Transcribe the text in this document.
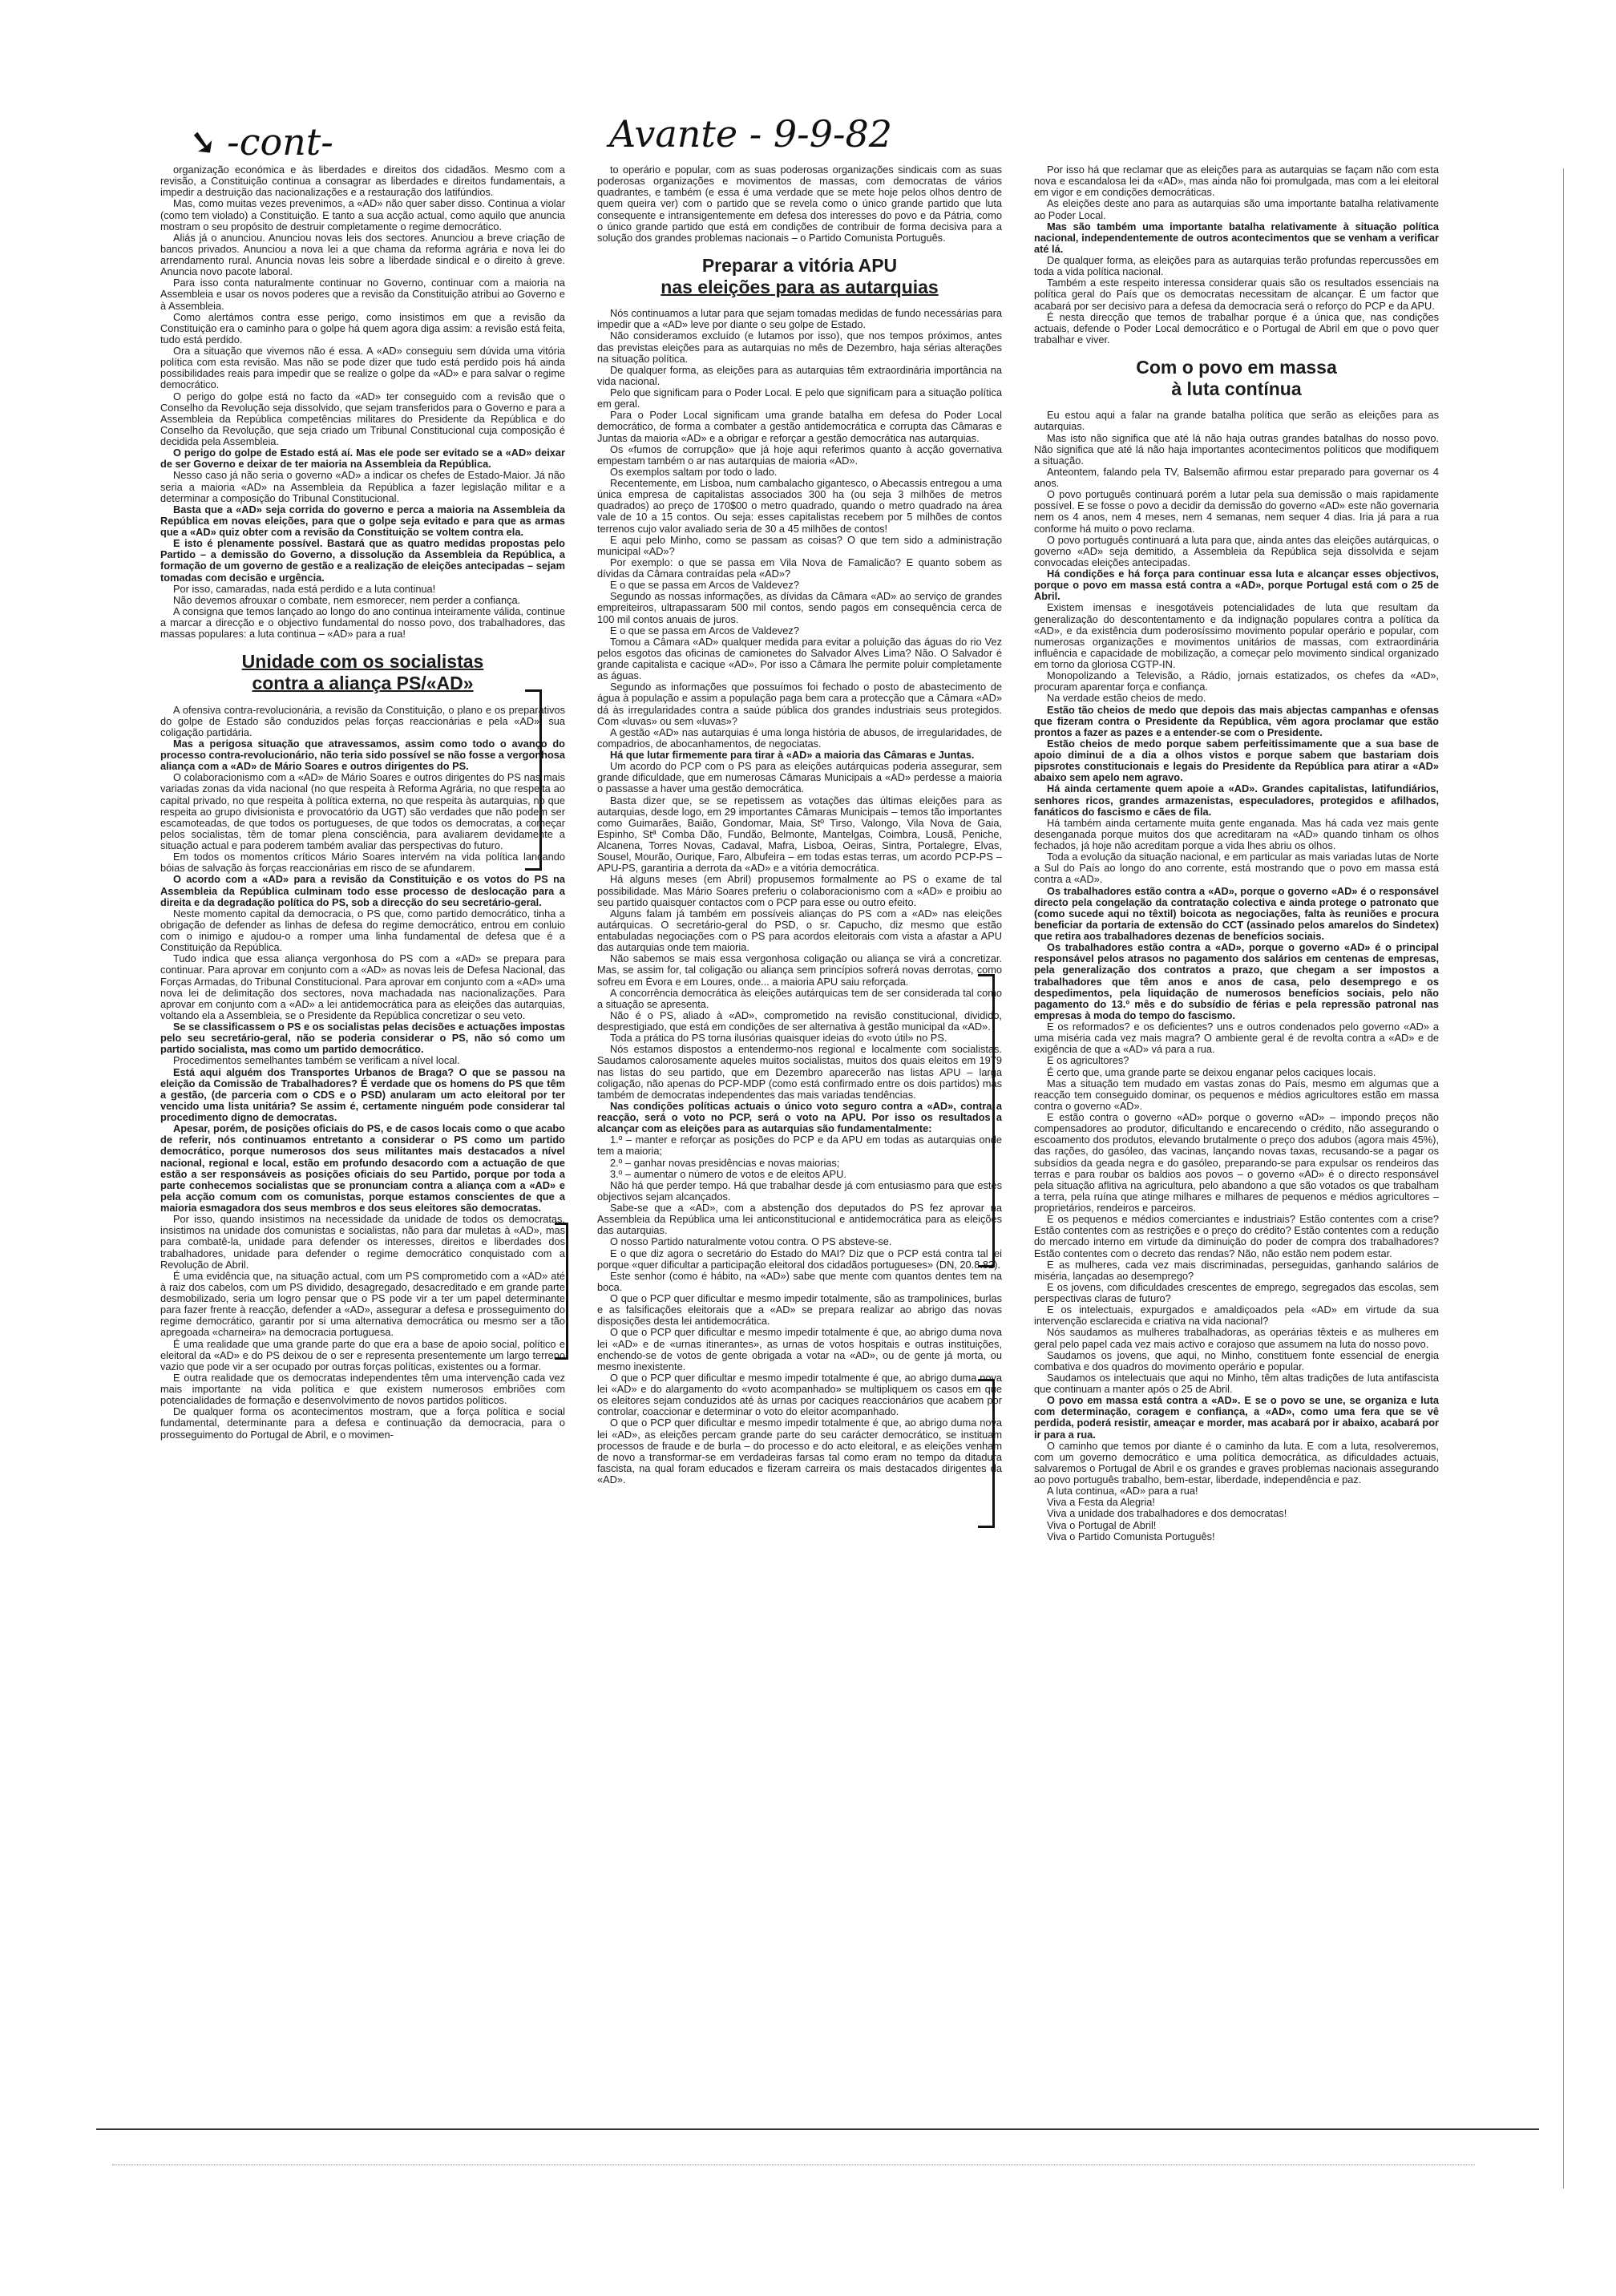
➘ -cont-	Avante - 9-9-82

organização económica e às liberdades e direitos dos cidadãos. Mesmo com a revisão, a Constituição continua a consagrar as liberdades e direitos fundamentais, a impedir a destruição das nacionalizações e a restauração dos latifúndios.

Mas, como muitas vezes prevenimos, a «AD» não quer saber disso. Continua a violar (como tem violado) a Constituição. E tanto a sua acção actual, como aquilo que anuncia mostram o seu propósito de destruir completamente o regime democrático.

Aliás já o anunciou. Anunciou novas leis dos sectores. Anunciou a breve criação de bancos privados. Anunciou a nova lei a que chama da reforma agrária e nova lei do arrendamento rural. Anuncia novas leis sobre a liberdade sindical e o direito à greve. Anuncia novo pacote laboral.

Para isso conta naturalmente continuar no Governo, continuar com a maioria na Assembleia e usar os novos poderes que a revisão da Constituição atribui ao Governo e à Assembleia.

Como alertámos contra esse perigo, como insistimos em que a revisão da Constituição era o caminho para o golpe há quem agora diga assim: a revisão está feita, tudo está perdido.

Ora a situação que vivemos não é essa. A «AD» conseguiu sem dúvida uma vitória política com esta revisão. Mas não se pode dizer que tudo está perdido pois há ainda possibilidades reais para impedir que se realize o golpe da «AD» e para salvar o regime democrático.

O perigo do golpe está no facto da «AD» ter conseguido com a revisão que o Conselho da Revolução seja dissolvido, que sejam transferidos para o Governo e para a Assembleia da República competências militares do Presidente da República e do Conselho da Revolução, que seja criado um Tribunal Constitucional cuja composição é decidida pela Assembleia.

O perigo do golpe de Estado está aí. Mas ele pode ser evitado se a «AD» deixar de ser Governo e deixar de ter maioria na Assembleia da República.

Nesso caso já não seria o governo «AD» a indicar os chefes de Estado-Maior. Já não seria a maioria «AD» na Assembleia da República a fazer legislação militar e a determinar a composição do Tribunal Constitucional.

Basta que a «AD» seja corrida do governo e perca a maioria na Assembleia da República em novas eleições, para que o golpe seja evitado e para que as armas que a «AD» quiz obter com a revisão da Constituição se voltem contra ela.

E isto é plenamente possível. Bastará que as quatro medidas propostas pelo Partido – a demissão do Governo, a dissolução da Assembleia da República, a formação de um governo de gestão e a realização de eleições antecipadas – sejam tomadas com decisão e urgência.

Por isso, camaradas, nada está perdido e a luta continua!

Não devemos afrouxar o combate, nem esmorecer, nem perder a confiança.

A consigna que temos lançado ao longo do ano continua inteiramente válida, continue a marcar a direcção e o objectivo fundamental do nosso povo, dos trabalhadores, das massas populares: a luta continua – «AD» para a rua!

Unidade com os socialistas
contra a aliança PS/«AD»

A ofensiva contra-revolucionária, a revisão da Constituição, o plano e os preparativos do golpe de Estado são conduzidos pelas forças reaccionárias e pela «AD», sua coligação partidária.

Mas a perigosa situação que atravessamos, assim como todo o avanço do processo contra-revolucionário, não teria sido possível se não fosse a vergonhosa aliança com a «AD» de Mário Soares e outros dirigentes do PS.

O colaboracionismo com a «AD» de Mário Soares e outros dirigentes do PS nas mais variadas zonas da vida nacional (no que respeita à Reforma Agrária, no que respeita ao capital privado, no que respeita à política externa, no que respeita às autarquias, no que respeita ao grupo divisionista e provocatório da UGT) são verdades que não podem ser escamoteadas, de que todos os portugueses, de que todos os democratas, a começar pelos socialistas, têm de tomar plena consciência, para avaliarem devidamente a situação actual e para poderem também avaliar das perspectivas do futuro.

Em todos os momentos críticos Mário Soares intervém na vida política lançando bóias de salvação às forças reaccionárias em risco de se afundarem.

O acordo com a «AD» para a revisão da Constituição e os votos do PS na Assembleia da República culminam todo esse processo de deslocação para a direita e da degradação política do PS, sob a direcção do seu secretário-geral.

Neste momento capital da democracia, o PS que, como partido democrático, tinha a obrigação de defender as linhas de defesa do regime democrático, entrou em conluio com o inimigo e ajudou-o a romper uma linha fundamental de defesa que é a Constituição da República.

Tudo indica que essa aliança vergonhosa do PS com a «AD» se prepara para continuar. Para aprovar em conjunto com a «AD» as novas leis de Defesa Nacional, das Forças Armadas, do Tribunal Constitucional. Para aprovar em conjunto com a «AD» uma nova lei de delimitação dos sectores, nova machadada nas nacionalizações. Para aprovar em conjunto com a «AD» a lei antidemocrática para as eleições das autarquias, voltando ela a Assembleia, se o Presidente da República concretizar o seu veto.

Se se classificassem o PS e os socialistas pelas decisões e actuações impostas pelo seu secretário-geral, não se poderia considerar o PS, não só como um partido socialista, mas como um partido democrático.

Procedimentos semelhantes também se verificam a nível local.

Está aqui alguém dos Transportes Urbanos de Braga? O que se passou na eleição da Comissão de Trabalhadores? É verdade que os homens do PS que têm a gestão, (de parceria com o CDS e o PSD) anularam um acto eleitoral por ter vencido uma lista unitária? Se assim é, certamente ninguém pode considerar tal procedimento digno de democratas.

Apesar, porém, de posições oficiais do PS, e de casos locais como o que acabo de referir, nós continuamos entretanto a considerar o PS como um partido democrático, porque numerosos dos seus militantes mais destacados a nível nacional, regional e local, estão em profundo desacordo com a actuação de que estão a ser responsáveis as posições oficiais do seu Partido, porque por toda a parte conhecemos socialistas que se pronunciam contra a aliança com a «AD» e pela acção comum com os comunistas, porque estamos conscientes de que a maioria esmagadora dos seus membros e dos seus eleitores são democratas.

Por isso, quando insistimos na necessidade da unidade de todos os democratas, insistimos na unidade dos comunistas e socialistas, não para dar muletas à «AD», mas para combatê-la, unidade para defender os interesses, direitos e liberdades dos trabalhadores, unidade para defender o regime democrático conquistado com a Revolução de Abril.

É uma evidência que, na situação actual, com um PS comprometido com a «AD» até à raiz dos cabelos, com um PS dividido, desagregado, desacreditado e em grande parte desmobilizado, seria um logro pensar que o PS pode vir a ter um papel determinante para fazer frente à reacção, defender a «AD», assegurar a defesa e prosseguimento do regime democrático, garantir por si uma alternativa democrática ou mesmo ser a tão apregoada «charneira» na democracia portuguesa.

É uma realidade que uma grande parte do que era a base de apoio social, político e eleitoral da «AD» e do PS deixou de o ser e representa presentemente um largo terreno vazio que pode vir a ser ocupado por outras forças políticas, existentes ou a formar.

E outra realidade que os democratas independentes têm uma intervenção cada vez mais importante na vida política e que existem numerosos embriões com potencialidades de formação e desenvolvimento de novos partidos políticos.

De qualquer forma os acontecimentos mostram, que a força política e social fundamental, determinante para a defesa e continuação da democracia, para o prosseguimento do Portugal de Abril, e o movimen-

to operário e popular, com as suas poderosas organizações sindicais com as suas poderosas organizações e movimentos de massas, com democratas de vários quadrantes, e também (e essa é uma verdade que se mete hoje pelos olhos dentro de quem queira ver) com o partido que se revela como o único grande partido que luta consequente e intransigentemente em defesa dos interesses do povo e da Pátria, como o único grande partido que está em condições de contribuir de forma decisiva para a solução dos grandes problemas nacionais – o Partido Comunista Português.

Preparar a vitória APU
nas eleições para as autarquias

Nós continuamos a lutar para que sejam tomadas medidas de fundo necessárias para impedir que a «AD» leve por diante o seu golpe de Estado.

Não consideramos excluído (e lutamos por isso), que nos tempos próximos, antes das previstas eleições para as autarquias no mês de Dezembro, haja sérias alterações na situação política.

De qualquer forma, as eleições para as autarquias têm extraordinária importância na vida nacional.

Pelo que significam para o Poder Local. E pelo que significam para a situação política em geral.

Para o Poder Local significam uma grande batalha em defesa do Poder Local democrático, de forma a combater a gestão antidemocrática e corrupta das Câmaras e Juntas da maioria «AD» e a obrigar e reforçar a gestão democrática nas autarquias.

Os «fumos de corrupção» que já hoje aqui referimos quanto à acção governativa empestam também o ar nas autarquias de maioria «AD».

Os exemplos saltam por todo o lado.

Recentemente, em Lisboa, num cambalacho gigantesco, o Abecassis entregou a uma única empresa de capitalistas associados 300 ha (ou seja 3 milhões de metros quadrados) ao preço de 170$00 o metro quadrado, quando o metro quadrado na área vale de 10 a 15 contos. Ou seja: esses capitalistas recebem por 5 milhões de contos terrenos cujo valor avaliado seria de 30 a 45 milhões de contos!

E aqui pelo Minho, como se passam as coisas? O que tem sido a administração municipal «AD»?

Por exemplo: o que se passa em Vila Nova de Famalicão? E quanto sobem as dívidas da Câmara contraídas pela «AD»?

E o que se passa em Arcos de Valdevez?

Segundo as nossas informações, as dívidas da Câmara «AD» ao serviço de grandes empreiteiros, ultrapassaram 500 mil contos, sendo pagos em consequência cerca de 100 mil contos anuais de juros.

E o que se passa em Arcos de Valdevez?

Tomou a Câmara «AD» qualquer medida para evitar a poluição das águas do rio Vez pelos esgotos das oficinas de camionetes do Salvador Alves Lima? Não. O Salvador é grande capitalista e cacique «AD». Por isso a Câmara lhe permite poluir completamente as águas.

Segundo as informações que possuímos foi fechado o posto de abastecimento de água à população e assim a população paga bem cara a protecção que a Câmara «AD» dá às irregularidades contra a saúde pública dos grandes industriais seus protegidos. Com «luvas» ou sem «luvas»?

A gestão «AD» nas autarquias é uma longa história de abusos, de irregularidades, de compadrios, de abocanhamentos, de negociatas.

Há que lutar firmemente para tirar à «AD» a maioria das Câmaras e Juntas.

Um acordo do PCP com o PS para as eleições autárquicas poderia assegurar, sem grande dificuldade, que em numerosas Câmaras Municipais a «AD» perdesse a maioria o passasse a haver uma gestão democrática.

Basta dizer que, se se repetissem as votações das últimas eleições para as autarquias, desde logo, em 29 importantes Câmaras Municipais – temos tão importantes como Guimarães, Baião, Gondomar, Maia, Stº Tirso, Valongo, Vila Nova de Gaia, Espinho, Stª Comba Dão, Fundão, Belmonte, Mantelgas, Coimbra, Lousã, Peniche, Alcanena, Torres Novas, Cadaval, Mafra, Lisboa, Oeiras, Sintra, Portalegre, Elvas, Sousel, Mourão, Ourique, Faro, Albufeira – em todas estas terras, um acordo PCP-PS – APU-PS, garantiria a derrota da «AD» e a vitória democrática.

Há alguns meses (em Abril) propusemos formalmente ao PS o exame de tal possibilidade. Mas Mário Soares preferiu o colaboracionismo com a «AD» e proibiu ao seu partido quaisquer contactos com o PCP para esse ou outro efeito.

Alguns falam já também em possíveis alianças do PS com a «AD» nas eleições autárquicas. O secretário-geral do PSD, o sr. Capucho, diz mesmo que estão entabuladas negociações com o PS para acordos eleitorais com vista a afastar a APU das autarquias onde tem maioria.

Não sabemos se mais essa vergonhosa coligação ou aliança se virá a concretizar. Mas, se assim for, tal coligação ou aliança sem princípios sofrerá novas derrotas, como sofreu em Évora e em Loures, onde... a maioria APU saiu reforçada.

A concorrência democrática às eleições autárquicas tem de ser considerada tal como a situação se apresenta.

Não é o PS, aliado à «AD», comprometido na revisão constitucional, dividido, desprestigiado, que está em condições de ser alternativa à gestão municipal da «AD».

Toda a prática do PS torna ilusórias quaisquer ideias do «voto útil» no PS.

Nós estamos dispostos a entendermo-nos regional e localmente com socialistas. Saudamos calorosamente aqueles muitos socialistas, muitos dos quais eleitos em 1979 nas listas do seu partido, que em Dezembro aparecerão nas listas APU – larga coligação, não apenas do PCP-MDP (como está confirmado entre os dois partidos) mas também de democratas independentes das mais variadas tendências.

Nas condições políticas actuais o único voto seguro contra a «AD», contra a reacção, será o voto no PCP, será o voto na APU. Por isso os resultados a alcançar com as eleições para as autarquias são fundamentalmente:

1.º – manter e reforçar as posições do PCP e da APU em todas as autarquias onde tem a maioria;

2.º – ganhar novas presidências e novas maiorias;

3.º – aumentar o número de votos e de eleitos APU.

Não há que perder tempo. Há que trabalhar desde já com entusiasmo para que estes objectivos sejam alcançados.

Sabe-se que a «AD», com a abstenção dos deputados do PS fez aprovar na Assembleia da República uma lei anticonstitucional e antidemocrática para as eleições das autarquias.

O nosso Partido naturalmente votou contra. O PS absteve-se.

E o que diz agora o secretário do Estado do MAI? Diz que o PCP está contra tal lei porque «quer dificultar a participação eleitoral dos cidadãos portugueses» (DN, 20.8.82).

Este senhor (como é hábito, na «AD») sabe que mente com quantos dentes tem na boca.

O que o PCP quer dificultar e mesmo impedir totalmente, são as trampolinices, burlas e as falsificações eleitorais que a «AD» se prepara realizar ao abrigo das novas disposições desta lei antidemocrática.

O que o PCP quer dificultar e mesmo impedir totalmente é que, ao abrigo duma nova lei «AD» e de «urnas itinerantes», as urnas de votos hospitais e outras instituições, enchendo-se de votos de gente obrigada a votar na «AD», ou de gente já morta, ou mesmo inexistente.

O que o PCP quer dificultar e mesmo impedir totalmente é que, ao abrigo duma nova lei «AD» e do alargamento do «voto acompanhado» se multipliquem os casos em que os eleitores sejam conduzidos até às urnas por caciques reaccionários que acabem por controlar, coaccionar e determinar o voto do eleitor acompanhado.

O que o PCP quer dificultar e mesmo impedir totalmente é que, ao abrigo duma nova lei «AD», as eleições percam grande parte do seu carácter democrático, se instituam processos de fraude e de burla – do processo e do acto eleitoral, e as eleições venham de novo a transformar-se em verdadeiras farsas tal como eram no tempo da ditadura fascista, na qual foram educados e fizeram carreira os mais destacados dirigentes da «AD».

Por isso há que reclamar que as eleições para as autarquias se façam não com esta nova e escandalosa lei da «AD», mas ainda não foi promulgada, mas com a lei eleitoral em vigor e em condições democráticas.

As eleições deste ano para as autarquias são uma importante batalha relativamente ao Poder Local.

Mas são também uma importante batalha relativamente à situação política nacional, independentemente de outros acontecimentos que se venham a verificar até lá.

De qualquer forma, as eleições para as autarquias terão profundas repercussões em toda a vida política nacional.

Também a este respeito interessa considerar quais são os resultados essenciais na política geral do País que os democratas necessitam de alcançar. É um factor que acabará por ser decisivo para a defesa da democracia será o reforço do PCP e da APU.

É nesta direcção que temos de trabalhar porque é a única que, nas condições actuais, defende o Poder Local democrático e o Portugal de Abril em que o povo quer trabalhar e viver.

Com o povo em massa
à luta contínua

Eu estou aqui a falar na grande batalha política que serão as eleições para as autarquias.

Mas isto não significa que até lá não haja outras grandes batalhas do nosso povo. Não significa que até lá não haja importantes acontecimentos políticos que modifiquem a situação.

Anteontem, falando pela TV, Balsemão afirmou estar preparado para governar os 4 anos.

O povo português continuará porém a lutar pela sua demissão o mais rapidamente possível. E se fosse o povo a decidir da demissão do governo «AD» este não governaria nem os 4 anos, nem 4 meses, nem 4 semanas, nem sequer 4 dias. Iria já para a rua conforme há muito o povo reclama.

O povo português continuará a luta para que, ainda antes das eleições autárquicas, o governo «AD» seja demitido, a Assembleia da República seja dissolvida e sejam convocadas eleições antecipadas.

Há condições e há força para continuar essa luta e alcançar esses objectivos, porque o povo em massa está contra a «AD», porque Portugal está com o 25 de Abril.

Existem imensas e inesgotáveis potencialidades de luta que resultam da generalização do descontentamento e da indignação populares contra a política da «AD», e da existência dum poderosíssimo movimento popular operário e popular, com numerosas organizações e movimentos unitários de massas, com extraordinária influência e capacidade de mobilização, a começar pelo movimento sindical organizado em torno da gloriosa CGTP-IN.

Monopolizando a Televisão, a Rádio, jornais estatizados, os chefes da «AD», procuram aparentar força e confiança.

Na verdade estão cheios de medo.

Estão tão cheios de medo que depois das mais abjectas campanhas e ofensas que fizeram contra o Presidente da República, vêm agora proclamar que estão prontos a fazer as pazes e a entender-se com o Presidente.

Estão cheios de medo porque sabem perfeitissimamente que a sua base de apoio diminui de a dia a olhos vistos e porque sabem que bastariam dois pipsrotes constitucionais e legais do Presidente da República para atirar a «AD» abaixo sem apelo nem agravo.

Há ainda certamente quem apoie a «AD». Grandes capitalistas, latifundiários, senhores ricos, grandes armazenistas, especuladores, protegidos e afilhados, fanáticos do fascismo e cães de fila.

Há também ainda certamente muita gente enganada. Mas há cada vez mais gente desenganada porque muitos dos que acreditaram na «AD» quando tinham os olhos fechados, já hoje não acreditam porque a vida lhes abriu os olhos.

Toda a evolução da situação nacional, e em particular as mais variadas lutas de Norte a Sul do País ao longo do ano corrente, está mostrando que o povo em massa está contra a «AD».

Os trabalhadores estão contra a «AD», porque o governo «AD» é o responsável directo pela congelação da contratação colectiva e ainda protege o patronato que (como sucede aqui no têxtil) boicota as negociações, falta às reuniões e procura beneficiar da portaria de extensão do CCT (assinado pelos amarelos do Sindetex) que retira aos trabalhadores dezenas de benefícios sociais.

Os trabalhadores estão contra a «AD», porque o governo «AD» é o principal responsável pelos atrasos no pagamento dos salários em centenas de empresas, pela generalização dos contratos a prazo, que chegam a ser impostos a trabalhadores que têm anos e anos de casa, pelo desemprego e os despedimentos, pela liquidação de numerosos benefícios sociais, pelo não pagamento do 13.º mês e do subsídio de férias e pela repressão patronal nas empresas à moda do tempo do fascismo.

E os reformados? e os deficientes? uns e outros condenados pelo governo «AD» a uma miséria cada vez mais magra? O ambiente geral é de revolta contra a «AD» e de exigência de que a «AD» vá para a rua.

E os agricultores?

É certo que, uma grande parte se deixou enganar pelos caciques locais.

Mas a situação tem mudado em vastas zonas do País, mesmo em algumas que a reacção tem conseguido dominar, os pequenos e médios agricultores estão em massa contra o governo «AD».

E estão contra o governo «AD» porque o governo «AD» – impondo preços não compensadores ao produtor, dificultando e encarecendo o crédito, não assegurando o escoamento dos produtos, elevando brutalmente o preço dos adubos (agora mais 45%), das rações, do gasóleo, das vacinas, lançando novas taxas, recusando-se a pagar os subsídios da geada negra e do gasóleo, preparando-se para expulsar os rendeiros das terras e para roubar os baldios aos povos – o governo «AD» é o directo responsável pela situação aflitiva na agricultura, pelo abandono a que são votados os que trabalham a terra, pela ruína que atinge milhares e milhares de pequenos e médios agricultores – proprietários, rendeiros e parceiros.

E os pequenos e médios comerciantes e industriais? Estão contentes com a crise? Estão contentes com as restrições e o preço do crédito? Estão contentes com a redução do mercado interno em virtude da diminuição do poder de compra dos trabalhadores? Estão contentes com o decreto das rendas? Não, não estão nem podem estar.

E as mulheres, cada vez mais discriminadas, perseguidas, ganhando salários de miséria, lançadas ao desemprego?

E os jovens, com dificuldades crescentes de emprego, segregados das escolas, sem perspectivas claras de futuro?

E os intelectuais, expurgados e amaldiçoados pela «AD» em virtude da sua intervenção esclarecida e criativa na vida nacional?

Nós saudamos as mulheres trabalhadoras, as operárias têxteis e as mulheres em geral pelo papel cada vez mais activo e corajoso que assumem na luta do nosso povo.

Saudamos os jovens, que aqui, no Minho, constituem fonte essencial de energia combativa e dos quadros do movimento operário e popular.

Saudamos os intelectuais que aqui no Minho, têm altas tradições de luta antifascista que continuam a manter após o 25 de Abril.

O povo em massa está contra a «AD». E se o povo se une, se organiza e luta com determinação, coragem e confiança, a «AD», como uma fera que se vê perdida, poderá resistir, ameaçar e morder, mas acabará por ir abaixo, acabará por ir para a rua.

O caminho que temos por diante é o caminho da luta. E com a luta, resolveremos, com um governo democrático e uma política democrática, as dificuldades actuais, salvaremos o Portugal de Abril e os grandes e graves problemas nacionais assegurando ao povo português trabalho, bem-estar, liberdade, independência e paz.

A luta continua, «AD» para a rua!

Viva a Festa da Alegria!

Viva a unidade dos trabalhadores e dos democratas!

Viva o Portugal de Abril!

Viva o Partido Comunista Português!
